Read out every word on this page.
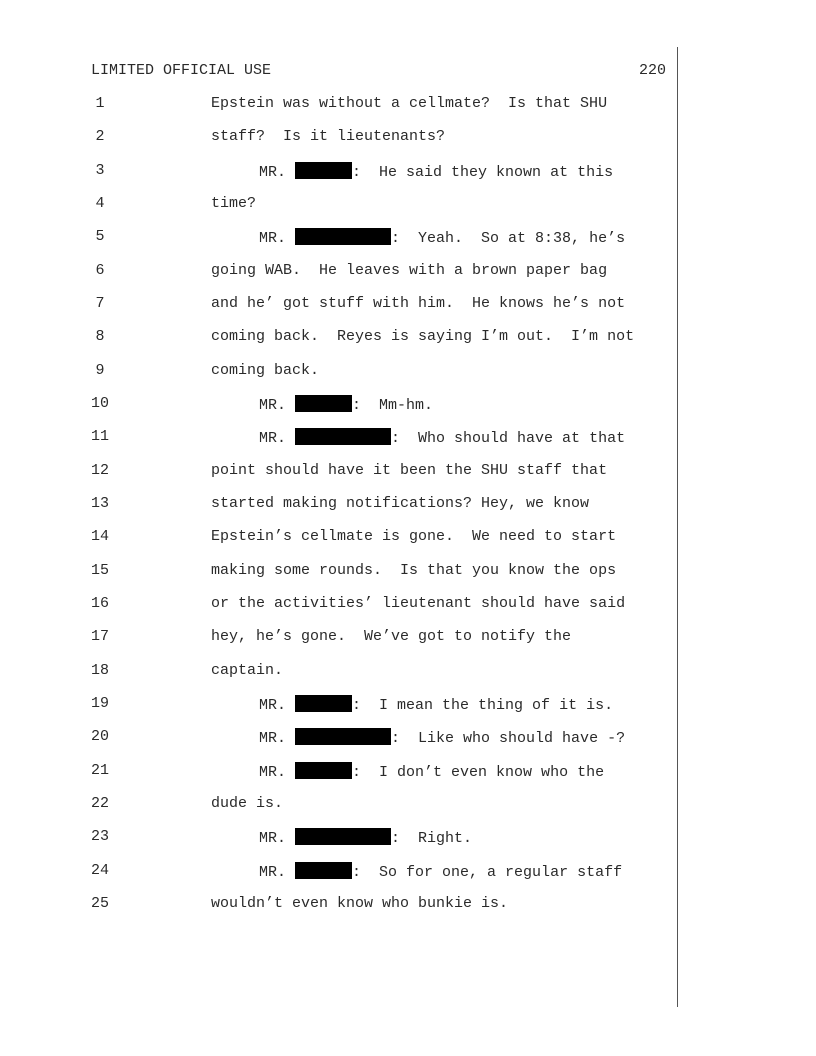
LIMITED OFFICIAL USE	220
1	Epstein was without a cellmate?  Is that SHU
2	staff?  Is it lieutenants?
3	MR.	:  He said they known at this
4	time?
5	MR.	:  Yeah.  So at 8:38, he’s
6	going WAB.  He leaves with a brown paper bag
7	and he’ got stuff with him.  He knows he’s not
8	coming back.  Reyes is saying I’m out.  I’m not
9	coming back.
10	MR.	:  Mm-hm.
11	MR.	:  Who should have at that
12	point should have it been the SHU staff that
13	started making notifications? Hey, we know
14	Epstein’s cellmate is gone.  We need to start
15	making some rounds.  Is that you know the ops
16	or the activities’ lieutenant should have said
17	hey, he’s gone.  We’ve got to notify the
18	captain.
19	MR.	:  I mean the thing of it is.
20	MR.	:  Like who should have -?
21	MR.	:  I don’t even know who the
22	dude is.
23	MR.	:  Right.
24	MR.	:  So for one, a regular staff
25	wouldn’t even know who bunkie is.
